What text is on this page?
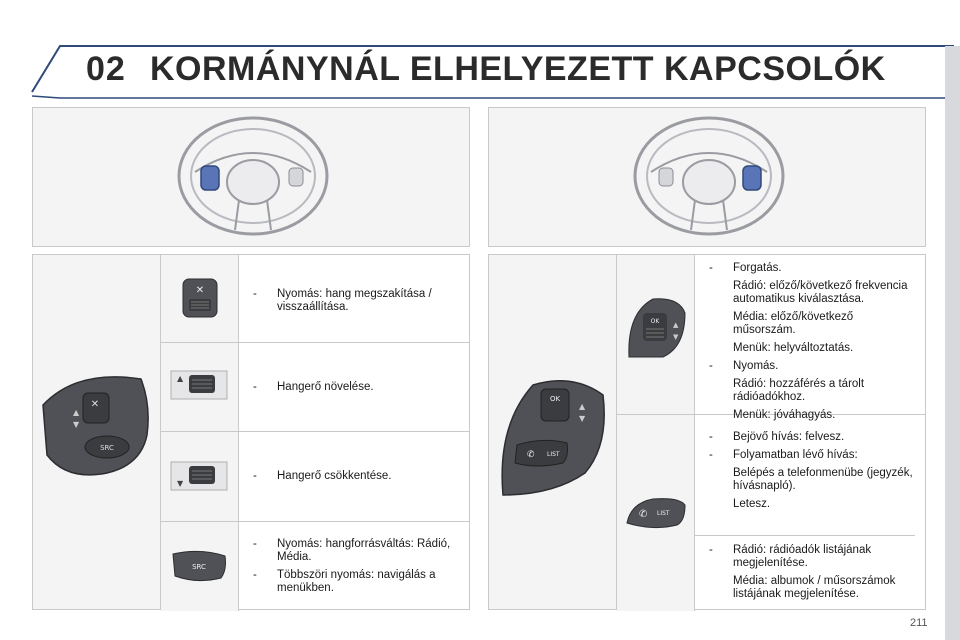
02 KORMÁNYNÁL ELHELYEZETT KAPCSOLÓK
✕
▲
▼
SRC
✕	- Nyomás: hang megszakítása / visszaállítása.
▲
- Hangerő növelése.
▼
- Hangerő csökkentése.
SRC
- Nyomás: hangforrásváltás: Rádió, Média.
- Többszöri nyomás: navigálás a menükben.
OK
▲
▼
✆ LIST
OK ▲
▼
- Forgatás.
Rádió: előző/következő frekvencia automatikus kiválasztása.
Média: előző/következő műsorszám.
Menük: helyváltoztatás.
- Nyomás.
Rádió: hozzáférés a tárolt rádióadókhoz.
Menük: jóváhagyás.
✆ LIST
- Bejövő hívás: felvesz.
- Folyamatban lévő hívás:
Belépés a telefonmenübe (jegyzék, hívásnapló).
Letesz.
- Rádió: rádióadók listájának megjelenítése.
Média: albumok / műsorszámok listájának megjelenítése.
211
